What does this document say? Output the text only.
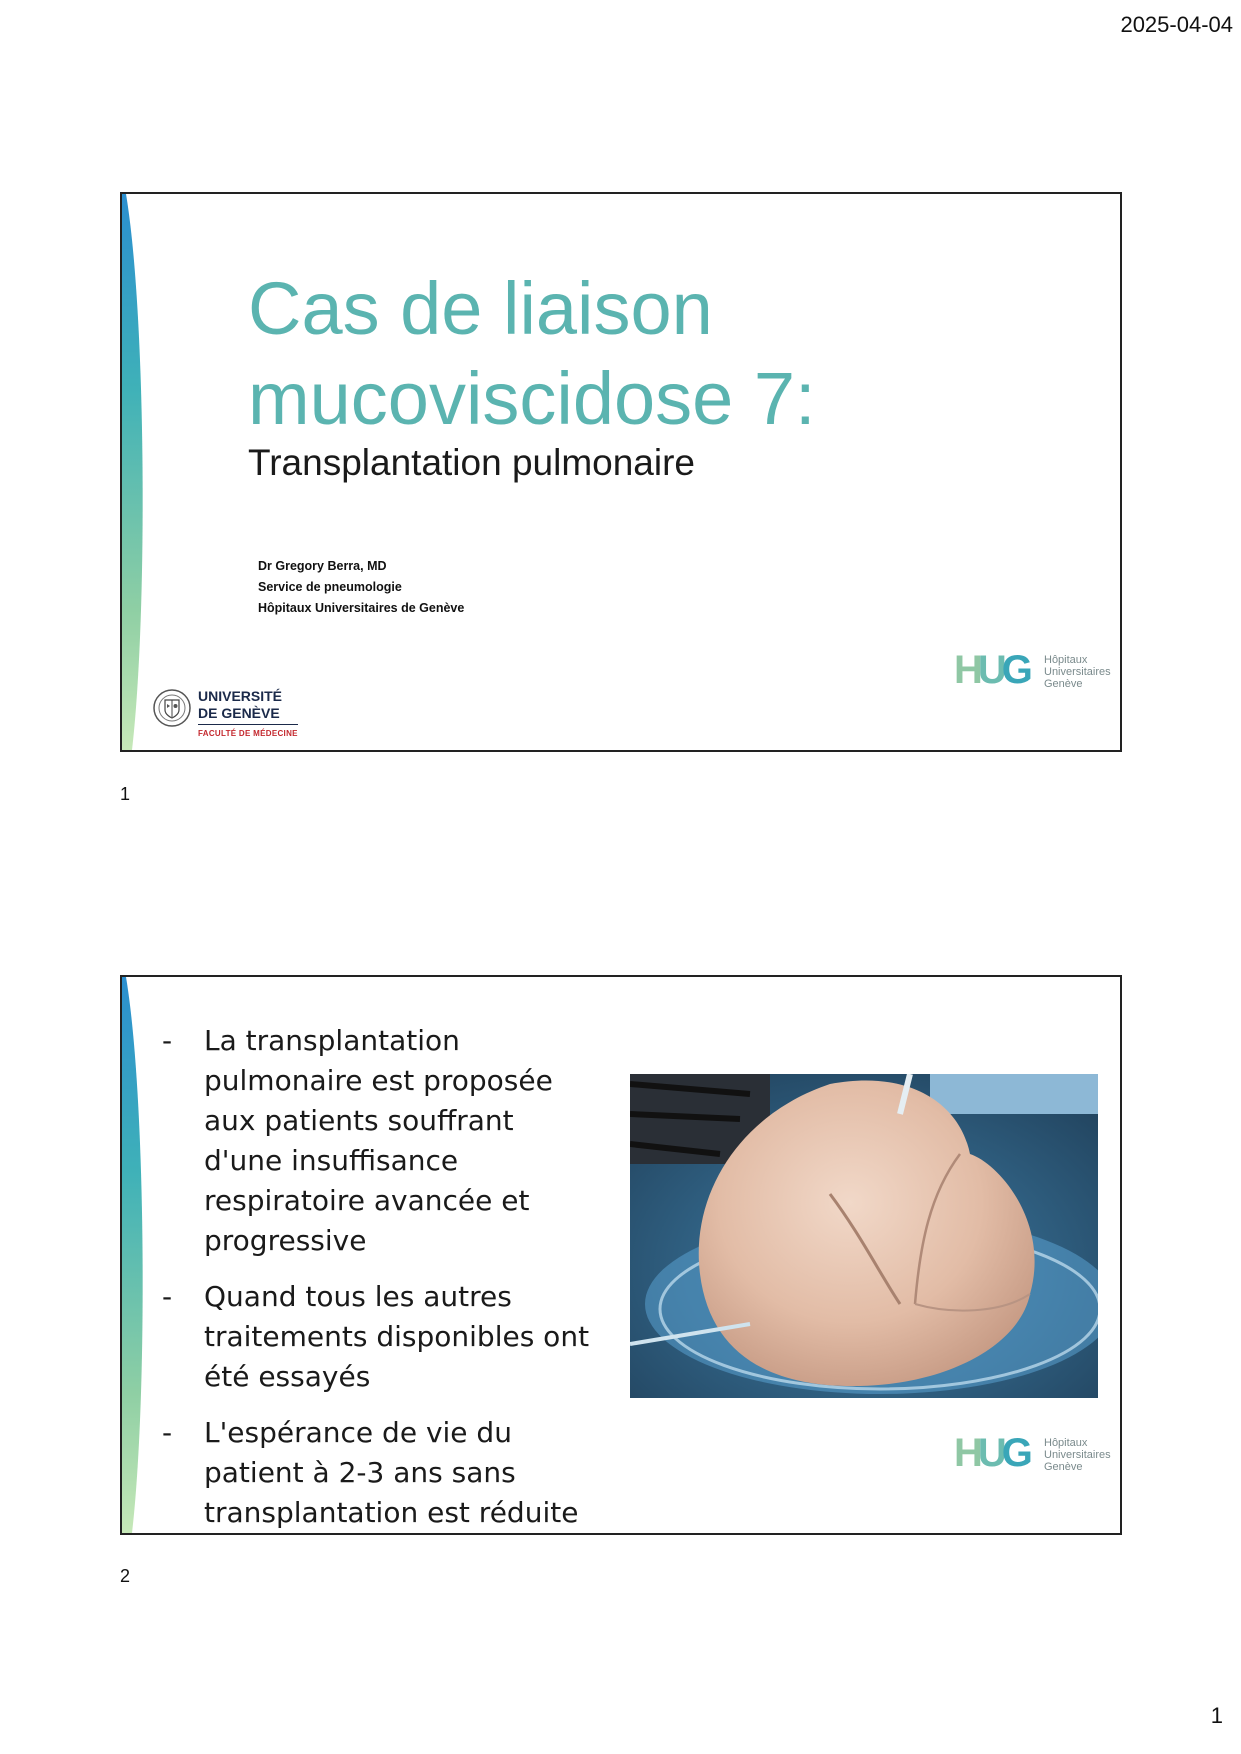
2025-04-04
Cas de liaison
mucoviscidose 7:
Transplantation pulmonaire
Dr Gregory Berra, MD
Service de pneumologie
Hôpitaux Universitaires de Genève
UNIVERSITÉ
DE GENÈVE
FACULTÉ DE MÉDECINE
HUG Hôpitaux
Universitaires
Genève
1
- La transplantation pulmonaire est proposée aux patients souffrant d'une insuffisance respiratoire avancée et progressive
- Quand tous les autres traitements disponibles ont été essayés
- L'espérance de vie du patient à 2-3 ans sans transplantation est réduite
HUG Hôpitaux
Universitaires
Genève
2
1
